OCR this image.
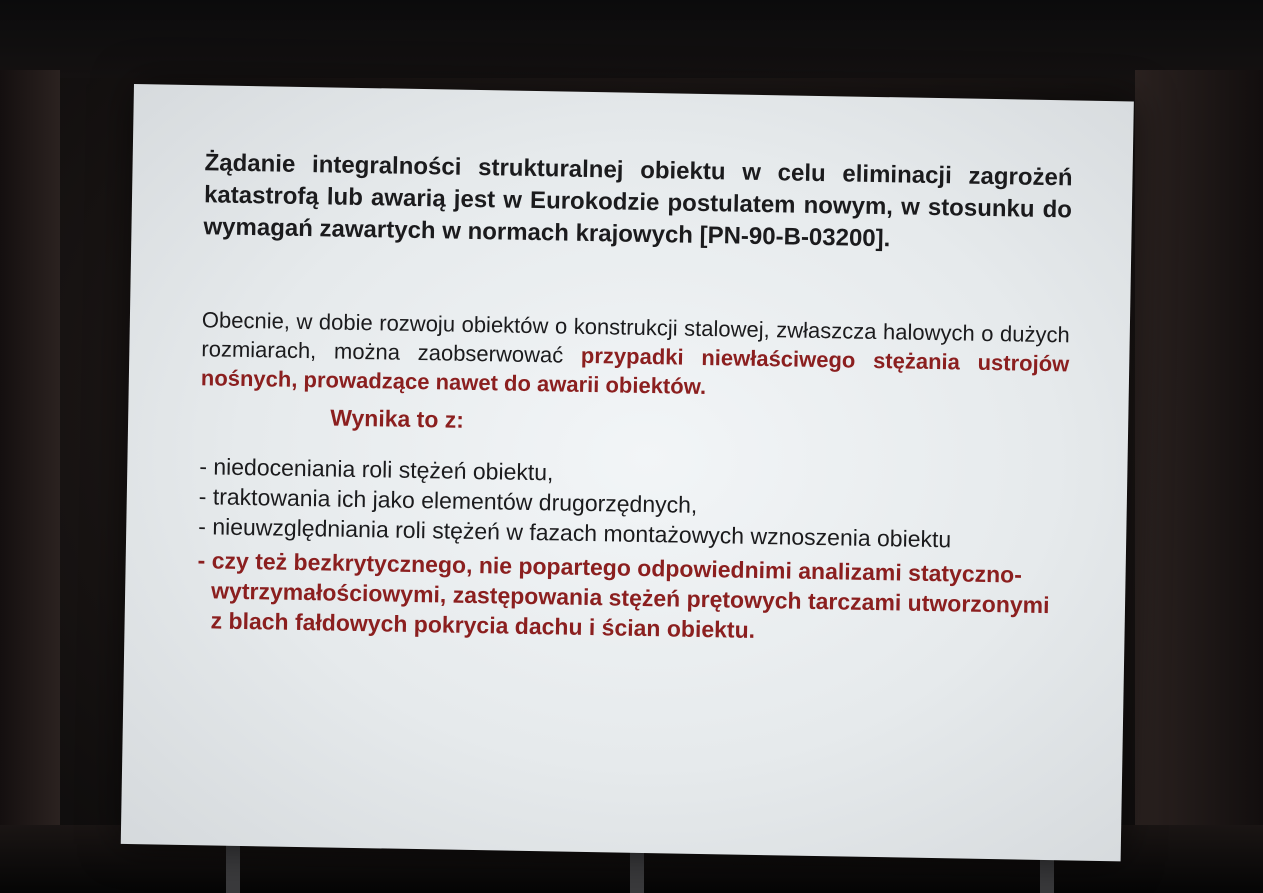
Żądanie integralności strukturalnej obiektu w celu eliminacji zagrożeń katastrofą lub awarią jest w Eurokodzie postulatem nowym, w stosunku do wymagań zawartych w normach krajowych [PN-90-B-03200].

Obecnie, w dobie rozwoju obiektów o konstrukcji stalowej, zwłaszcza halowych o dużych rozmiarach, można zaobserwować przypadki niewłaściwego stężania ustrojów nośnych, prowadzące nawet do awarii obiektów.

Wynika to z:
- niedoceniania roli stężeń obiektu,
- traktowania ich jako elementów drugorzędnych,
- nieuwzględniania roli stężeń w fazach montażowych wznoszenia obiektu
- czy też bezkrytycznego, nie popartego odpowiednimi analizami statyczno-wytrzymałościowymi, zastępowania stężeń prętowych tarczami utworzonymi z blach fałdowych pokrycia dachu i ścian obiektu.
